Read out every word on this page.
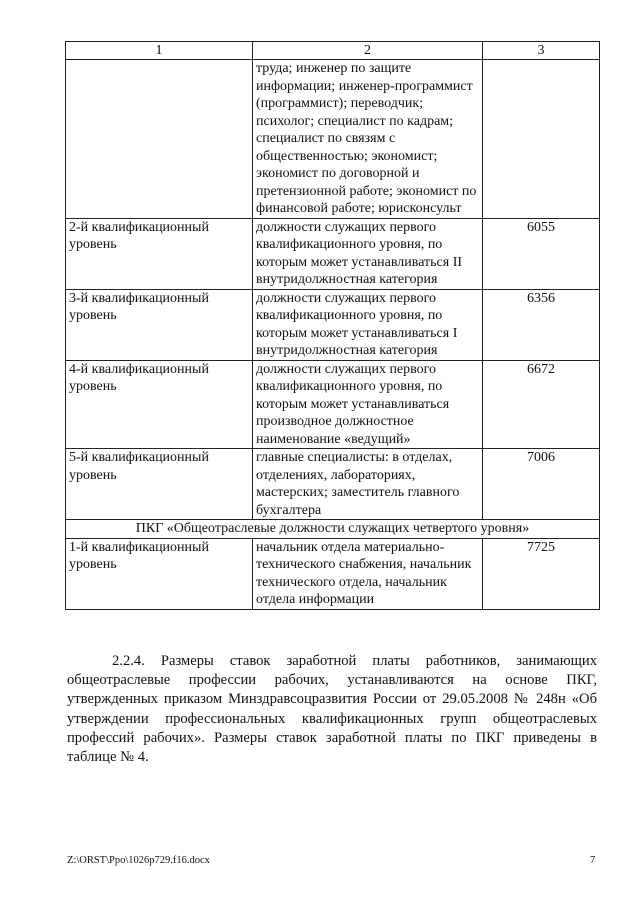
1	2	3
	труда; инженер по защите информации; инженер-программист (программист); переводчик; психолог; специалист по кадрам; специалист по связям с общественностью; экономист; экономист по договорной и претензионной работе; экономист по финансовой работе; юрисконсульт	
2-й квалификационный уровень	должности служащих первого квалификационного уровня, по которым может устанавливаться II внутридолжностная категория	6055
3-й квалификационный уровень	должности служащих первого квалификационного уровня, по которым может устанавливаться I внутридолжностная категория	6356
4-й квалификационный уровень	должности служащих первого квалификационного уровня, по которым может устанавливаться производное должностное наименование «ведущий»	6672
5-й квалификационный уровень	главные специалисты: в отделах, отделениях, лабораториях, мастерских; заместитель главного бухгалтера	7006
ПКГ «Общеотраслевые должности служащих четвертого уровня»		
1-й квалификационный уровень	начальник отдела материально-технического снабжения, начальник технического отдела, начальник отдела информации	7725

2.2.4. Размеры ставок заработной платы работников, занимающих общеотраслевые профессии рабочих, устанавливаются на основе ПКГ, утвержденных приказом Минздравсоцразвития России от 29.05.2008 № 248н «Об утверждении профессиональных квалификационных групп общеотраслевых профессий рабочих». Размеры ставок заработной платы по ПКГ приведены в таблице № 4.

Z:\ORST\Ppo\1026p729.f16.docx	7
